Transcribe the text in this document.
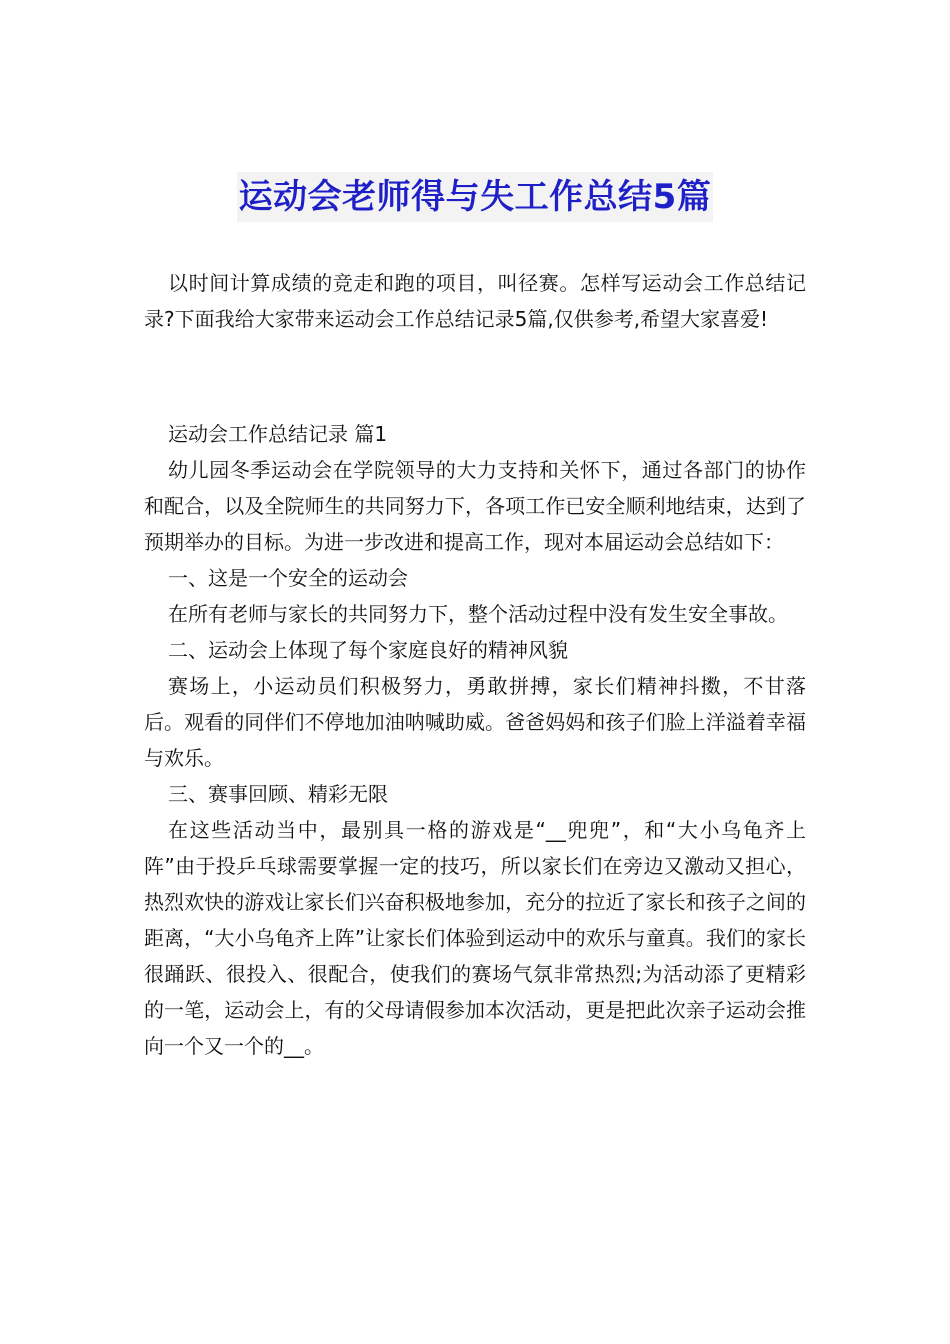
运动会老师得与失工作总结5篇

以时间计算成绩的竞走和跑的项目，叫径赛。怎样写运动会工作总结记录?下面我给大家带来运动会工作总结记录5篇,仅供参考,希望大家喜爱!

运动会工作总结记录 篇1

幼儿园冬季运动会在学院领导的大力支持和关怀下，通过各部门的协作和配合，以及全院师生的共同努力下，各项工作已安全顺利地结束，达到了预期举办的目标。为进一步改进和提高工作，现对本届运动会总结如下：

一、这是一个安全的运动会

在所有老师与家长的共同努力下，整个活动过程中没有发生安全事故。

二、运动会上体现了每个家庭良好的精神风貌

赛场上，小运动员们积极努力，勇敢拼搏，家长们精神抖擞，不甘落后。观看的同伴们不停地加油呐喊助威。爸爸妈妈和孩子们脸上洋溢着幸福与欢乐。

三、赛事回顾、精彩无限

在这些活动当中，最别具一格的游戏是“__兜兜”，和“大小乌龟齐上阵”由于投乒乓球需要掌握一定的技巧，所以家长们在旁边又激动又担心，热烈欢快的游戏让家长们兴奋积极地参加，充分的拉近了家长和孩子之间的距离，“大小乌龟齐上阵”让家长们体验到运动中的欢乐与童真。我们的家长很踊跃、很投入、很配合，使我们的赛场气氛非常热烈;为活动添了更精彩的一笔，运动会上，有的父母请假参加本次活动，更是把此次亲子运动会推向一个又一个的__。
